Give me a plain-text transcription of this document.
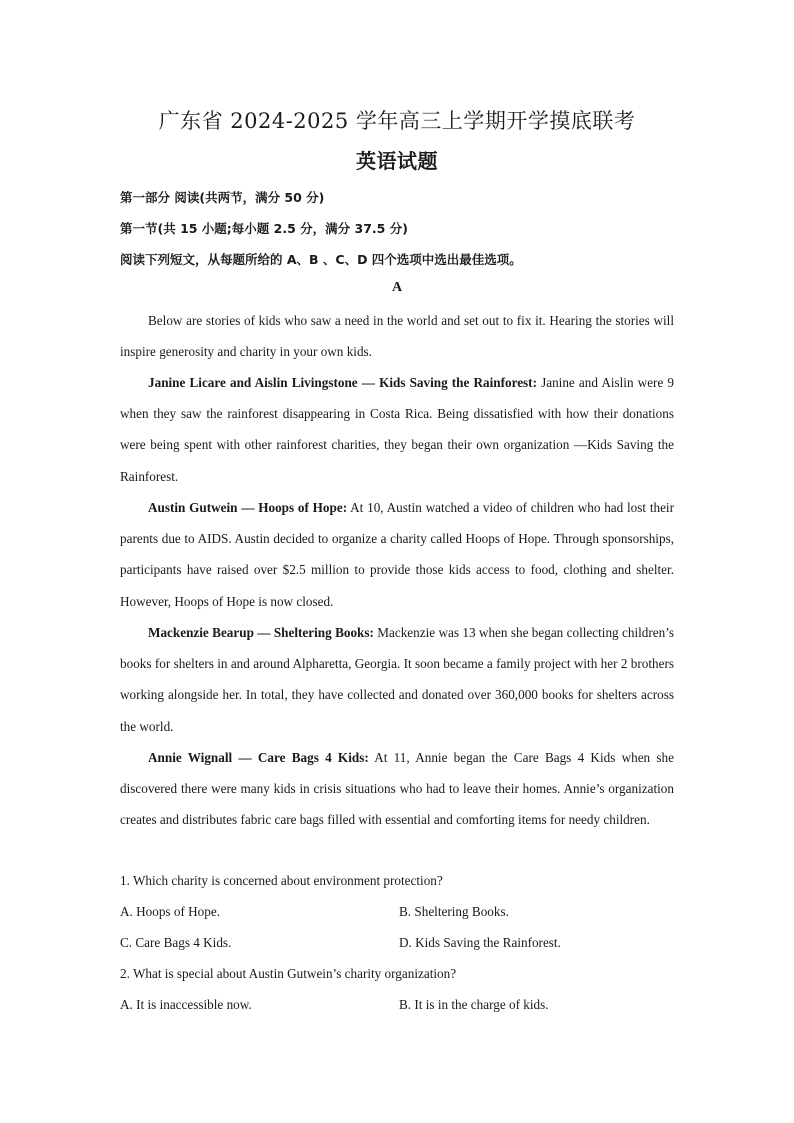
广东省 2024-2025 学年高三上学期开学摸底联考
英语试题
第一部分 阅读(共两节，满分 50 分)
第一节(共 15 小题;每小题 2.5 分，满分 37.5 分)
阅读下列短文，从每题所给的 A、B 、C、D 四个选项中选出最佳选项。
A
Below are stories of kids who saw a need in the world and set out to fix it. Hearing the stories will inspire generosity and charity in your own kids.
Janine Licare and Aislin Livingstone — Kids Saving the Rainforest: Janine and Aislin were 9 when they saw the rainforest disappearing in Costa Rica. Being dissatisfied with how their donations were being spent with other rainforest charities, they began their own organization —Kids Saving the Rainforest.
Austin Gutwein — Hoops of Hope: At 10, Austin watched a video of children who had lost their parents due to AIDS. Austin decided to organize a charity called Hoops of Hope. Through sponsorships, participants have raised over $2.5 million to provide those kids access to food, clothing and shelter. However, Hoops of Hope is now closed.
Mackenzie Bearup — Sheltering Books: Mackenzie was 13 when she began collecting children’s books for shelters in and around Alpharetta, Georgia. It soon became a family project with her 2 brothers working alongside her. In total, they have collected and donated over 360,000 books for shelters across the world.
Annie Wignall — Care Bags 4 Kids: At 11, Annie began the Care Bags 4 Kids when she discovered there were many kids in crisis situations who had to leave their homes. Annie’s organization creates and distributes fabric care bags filled with essential and comforting items for needy children.
1. Which charity is concerned about environment protection?
A. Hoops of Hope.	B. Sheltering Books.
C. Care Bags 4 Kids.	D. Kids Saving the Rainforest.
2. What is special about Austin Gutwein’s charity organization?
A. It is inaccessible now.	B. It is in the charge of kids.
